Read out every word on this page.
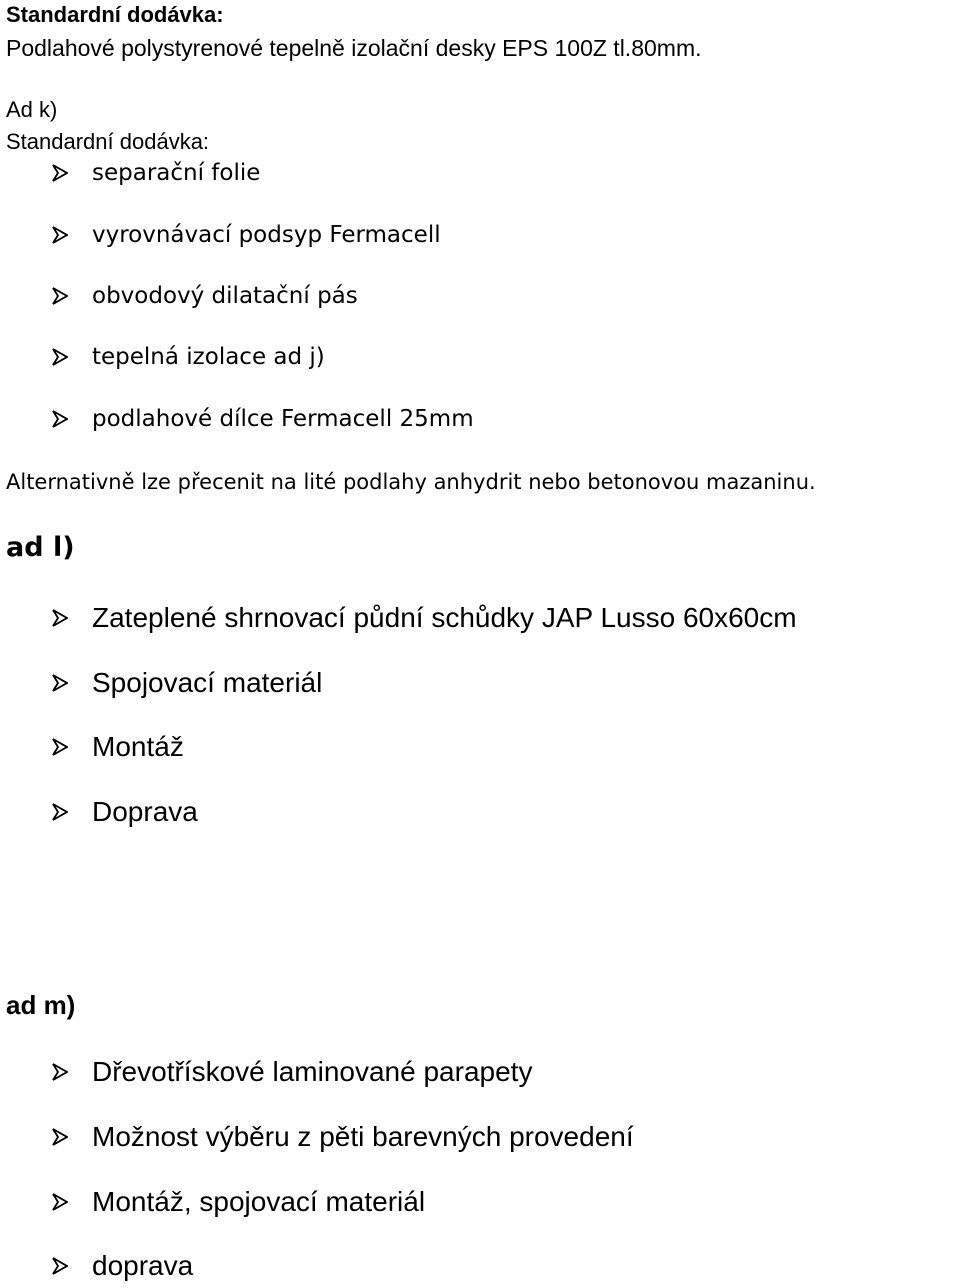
Standardní dodávka:
Podlahové polystyrenové tepelně izolační desky EPS 100Z tl.80mm.
Ad k)
Standardní dodávka:
separační folie
vyrovnávací podsyp Fermacell
obvodový dilatační pás
tepelná izolace ad j)
podlahové dílce Fermacell 25mm
Alternativně lze přecenit na lité podlahy anhydrit nebo betonovou mazaninu.
ad l)
Zateplené shrnovací půdní schůdky JAP Lusso 60x60cm
Spojovací materiál
Montáž
Doprava
ad m)
Dřevotřískové laminované parapety
Možnost výběru z pěti barevných provedení
Montáž, spojovací materiál
doprava
